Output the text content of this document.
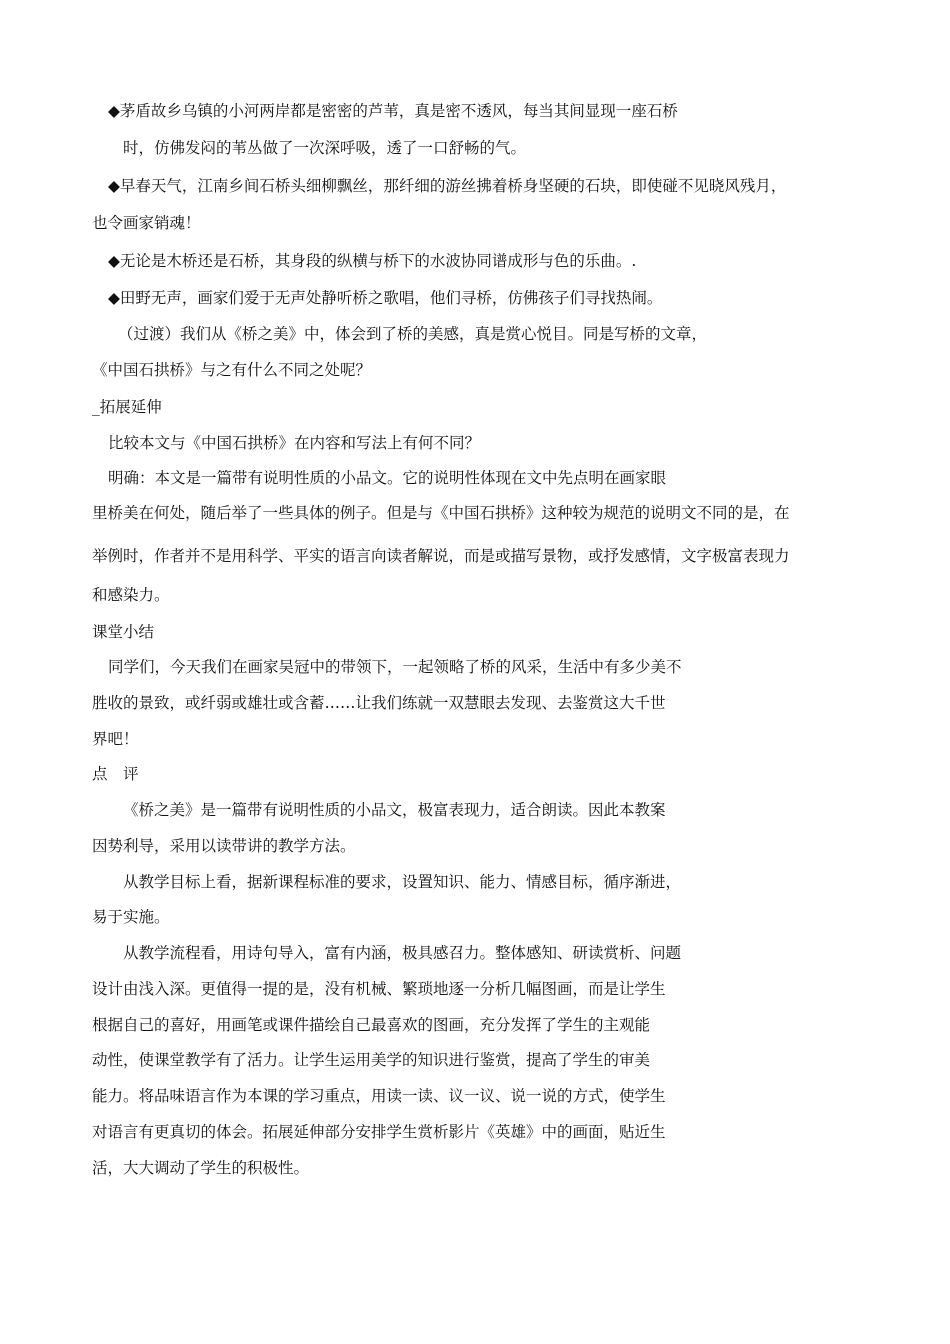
◆茅盾故乡乌镇的小河两岸都是密密的芦苇，真是密不透风，每当其间显现一座石桥
时，仿佛发闷的苇丛做了一次深呼吸，透了一口舒畅的气。
◆早春天气，江南乡间石桥头细柳飘丝，那纤细的游丝拂着桥身坚硬的石块，即使碰不见晓风残月，
也令画家销魂！
◆无论是木桥还是石桥，其身段的纵横与桥下的水波协同谱成形与色的乐曲。.
◆田野无声，画家们爱于无声处静听桥之歌唱，他们寻桥，仿佛孩子们寻找热闹。
（过渡）我们从《桥之美》中，体会到了桥的美感，真是赏心悦目。同是写桥的文章，
《中国石拱桥》与之有什么不同之处呢？
_拓展延伸
比较本文与《中国石拱桥》在内容和写法上有何不同？
明确：本文是一篇带有说明性质的小品文。它的说明性体现在文中先点明在画家眼
里桥美在何处，随后举了一些具体的例子。但是与《中国石拱桥》这种较为规范的说明文不同的是，在
举例时，作者并不是用科学、平实的语言向读者解说，而是或描写景物，或抒发感情，文字极富表现力
和感染力。
课堂小结
同学们，今天我们在画家吴冠中的带领下，一起领略了桥的风采，生活中有多少美不
胜收的景致，或纤弱或雄壮或含蓄……让我们练就一双慧眼去发现、去鉴赏这大千世
界吧！
点　评
《桥之美》是一篇带有说明性质的小品文，极富表现力，适合朗读。因此本教案
因势利导，采用以读带讲的教学方法。
从教学目标上看，据新课程标准的要求，设置知识、能力、情感目标，循序渐进，
易于实施。
从教学流程看，用诗句导入，富有内涵，极具感召力。整体感知、研读赏析、问题
设计由浅入深。更值得一提的是，没有机械、繁琐地逐一分析几幅图画，而是让学生
根据自己的喜好，用画笔或课件描绘自己最喜欢的图画，充分发挥了学生的主观能
动性，使课堂教学有了活力。让学生运用美学的知识进行鉴赏，提高了学生的审美
能力。将品味语言作为本课的学习重点，用读一读、议一议、说一说的方式，使学生
对语言有更真切的体会。拓展延伸部分安排学生赏析影片《英雄》中的画面，贴近生
活，大大调动了学生的积极性。
